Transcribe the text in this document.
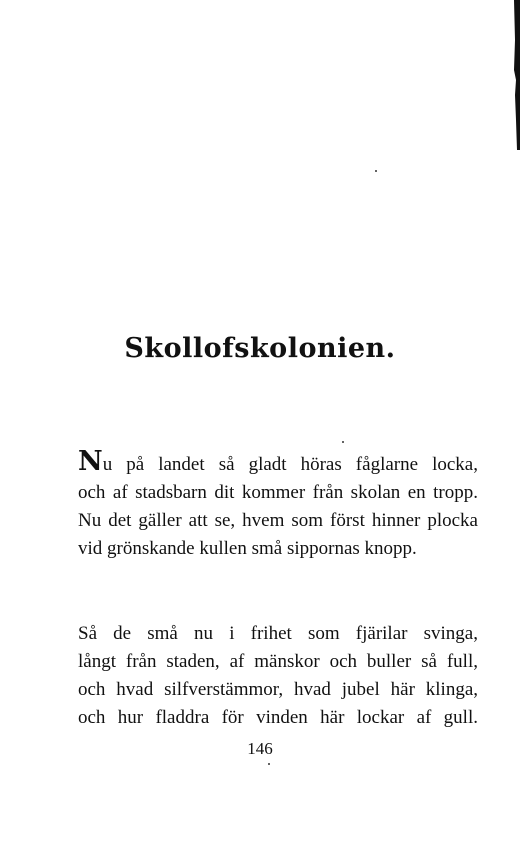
Skollofskolonien.
Nu på landet så gladt höras fåglarne locka,
och af stadsbarn dit kommer från skolan en tropp.
Nu det gäller att se, hvem som först hinner plocka
vid grönskande kullen små sippornas knopp.
Så de små nu i frihet som fjärilar svinga,
långt från staden, af mänskor och buller så full,
och hvad silfverstämmor, hvad jubel här klinga,
och hur fladdra för vinden här lockar af gull.
146
